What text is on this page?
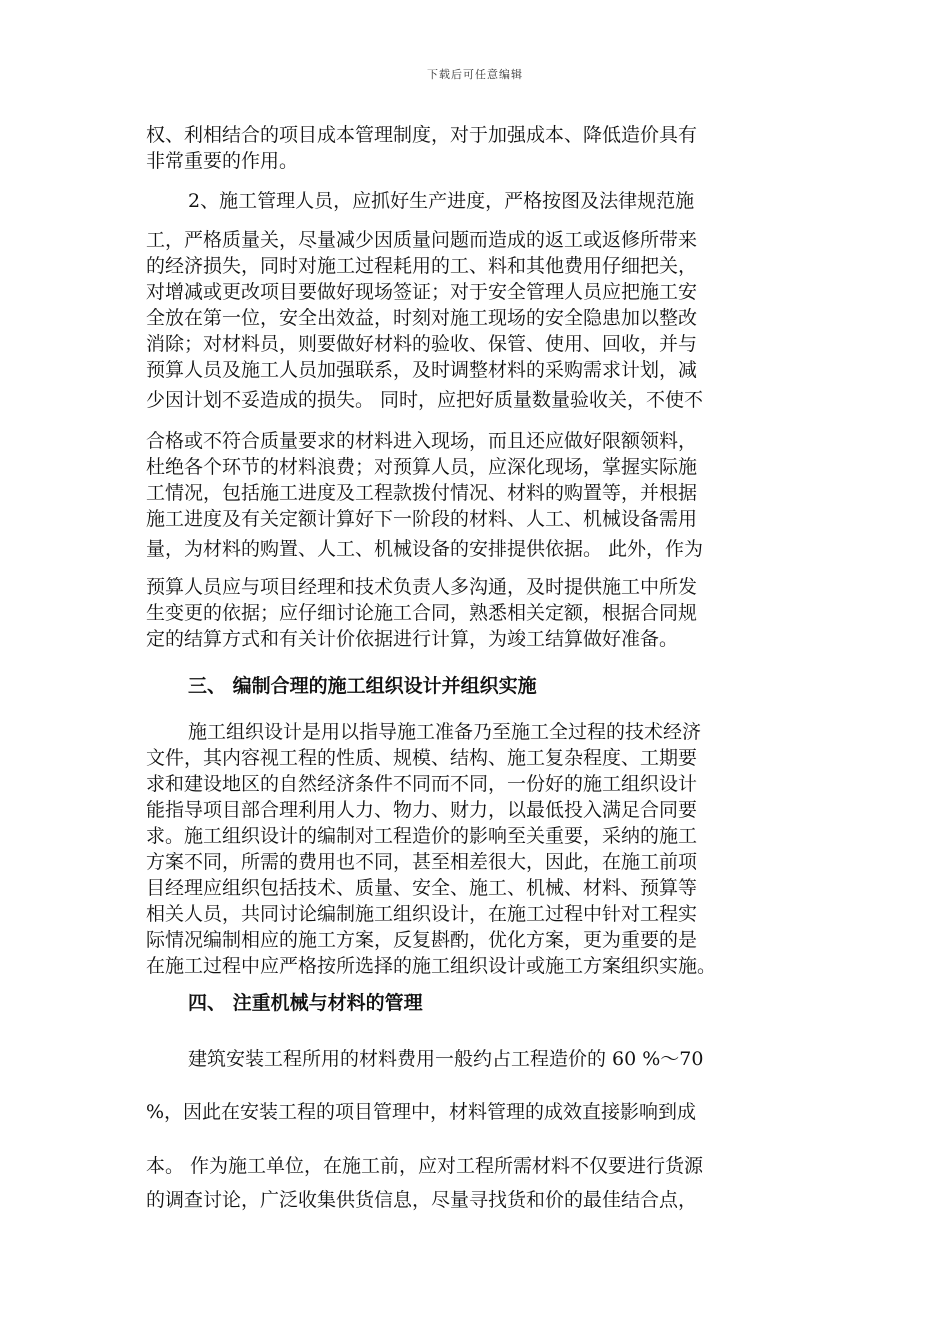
下载后可任意编辑
权、利相结合的项目成本管理制度，对于加强成本、降低造价具有
非常重要的作用。
2、施工管理人员，应抓好生产进度，严格按图及法律规范施
工，严格质量关，尽量减少因质量问题而造成的返工或返修所带来
的经济损失，同时对施工过程耗用的工、料和其他费用仔细把关，
对增减或更改项目要做好现场签证；对于安全管理人员应把施工安
全放在第一位，安全出效益，时刻对施工现场的安全隐患加以整改
消除；对材料员，则要做好材料的验收、保管、使用、回收，并与
预算人员及施工人员加强联系，及时调整材料的采购需求计划，减
少因计划不妥造成的损失。 同时，应把好质量数量验收关，不使不
合格或不符合质量要求的材料进入现场，而且还应做好限额领料，
杜绝各个环节的材料浪费；对预算人员，应深化现场，掌握实际施
工情况，包括施工进度及工程款拨付情况、材料的购置等，并根据
施工进度及有关定额计算好下一阶段的材料、人工、机械设备需用
量，为材料的购置、人工、机械设备的安排提供依据。 此外，作为
预算人员应与项目经理和技术负责人多沟通，及时提供施工中所发
生变更的依据；应仔细讨论施工合同，熟悉相关定额，根据合同规
定的结算方式和有关计价依据进行计算，为竣工结算做好准备。
三、 编制合理的施工组织设计并组织实施
施工组织设计是用以指导施工准备乃至施工全过程的技术经济
文件，其内容视工程的性质、规模、结构、施工复杂程度、工期要
求和建设地区的自然经济条件不同而不同，一份好的施工组织设计
能指导项目部合理利用人力、物力、财力，以最低投入满足合同要
求。施工组织设计的编制对工程造价的影响至关重要，采纳的施工
方案不同，所需的费用也不同，甚至相差很大，因此，在施工前项
目经理应组织包括技术、质量、安全、施工、机械、材料、预算等
相关人员，共同讨论编制施工组织设计，在施工过程中针对工程实
际情况编制相应的施工方案，反复斟酌，优化方案，更为重要的是
在施工过程中应严格按所选择的施工组织设计或施工方案组织实施。
四、 注重机械与材料的管理
建筑安装工程所用的材料费用一般约占工程造价的 60 %～70
%，因此在安装工程的项目管理中，材料管理的成效直接影响到成
本。 作为施工单位，在施工前，应对工程所需材料不仅要进行货源
的调查讨论，广泛收集供货信息，尽量寻找货和价的最佳结合点，
